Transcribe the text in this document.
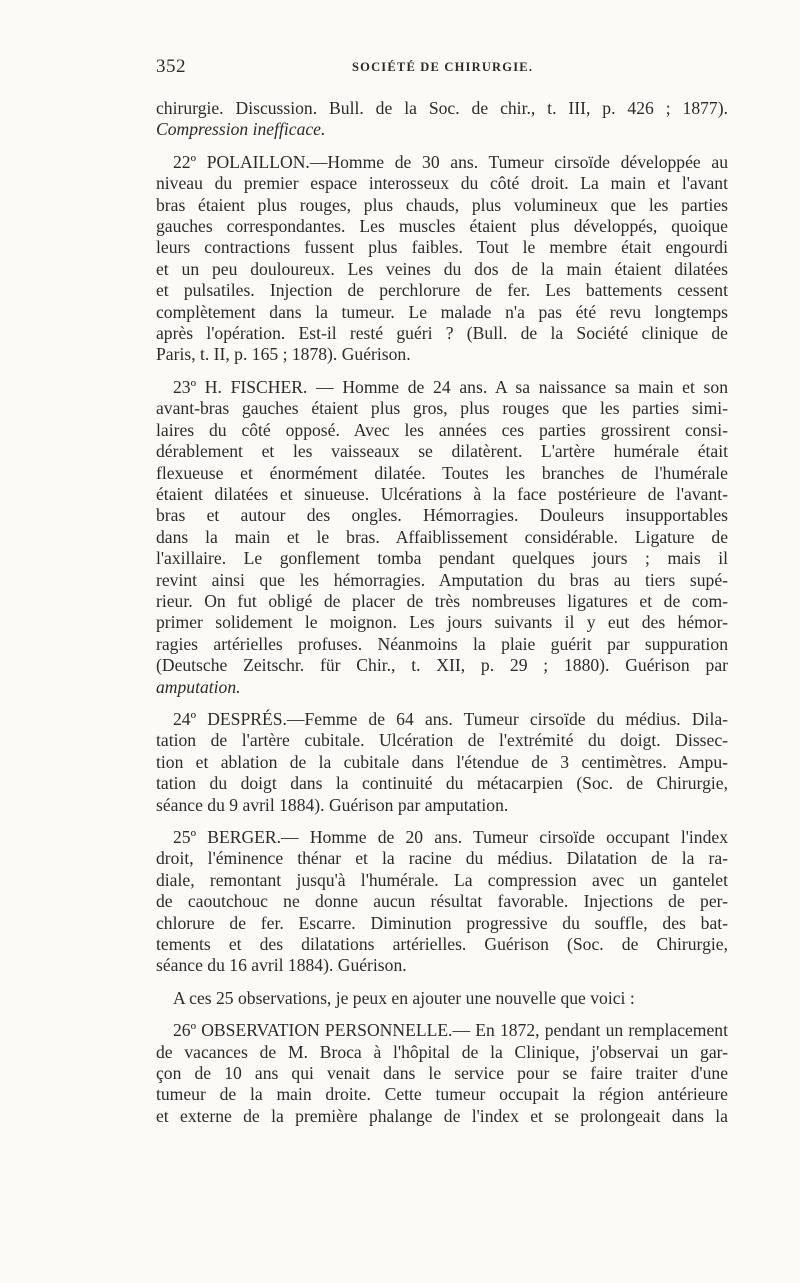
352	SOCIÉTÉ DE CHIRURGIE.
chirurgie. Discussion. Bull. de la Soc. de chir., t. III, p. 426 ; 1877).
Compression inefficace.
22º POLAILLON.—Homme de 30 ans. Tumeur cirsoïde développée au
niveau du premier espace interosseux du côté droit. La main et l'avant
bras étaient plus rouges, plus chauds, plus volumineux que les parties
gauches correspondantes. Les muscles étaient plus développés, quoique
leurs contractions fussent plus faibles. Tout le membre était engourdi
et un peu douloureux. Les veines du dos de la main étaient dilatées
et pulsatiles. Injection de perchlorure de fer. Les battements cessent
complètement dans la tumeur. Le malade n'a pas été revu longtemps
après l'opération. Est-il resté guéri ? (Bull. de la Société clinique de
Paris, t. II, p. 165 ; 1878). Guérison.
23º H. FISCHER. — Homme de 24 ans. A sa naissance sa main et son
avant-bras gauches étaient plus gros, plus rouges que les parties simi-
laires du côté opposé. Avec les années ces parties grossirent consi-
dérablement et les vaisseaux se dilatèrent. L'artère humérale était
flexueuse et énormément dilatée. Toutes les branches de l'humérale
étaient dilatées et sinueuse. Ulcérations à la face postérieure de l'avant-
bras et autour des ongles. Hémorragies. Douleurs insupportables
dans la main et le bras. Affaiblissement considérable. Ligature de
l'axillaire. Le gonflement tomba pendant quelques jours ; mais il
revint ainsi que les hémorragies. Amputation du bras au tiers supé-
rieur. On fut obligé de placer de très nombreuses ligatures et de com-
primer solidement le moignon. Les jours suivants il y eut des hémor-
ragies artérielles profuses. Néanmoins la plaie guérit par suppuration
(Deutsche Zeitschr. für Chir., t. XII, p. 29 ; 1880). Guérison par
amputation.
24º DESPRÉS.—Femme de 64 ans. Tumeur cirsoïde du médius. Dila-
tation de l'artère cubitale. Ulcération de l'extrémité du doigt. Dissec-
tion et ablation de la cubitale dans l'étendue de 3 centimètres. Ampu-
tation du doigt dans la continuité du métacarpien (Soc. de Chirurgie,
séance du 9 avril 1884). Guérison par amputation.
25º BERGER.— Homme de 20 ans. Tumeur cirsoïde occupant l'index
droit, l'éminence thénar et la racine du médius. Dilatation de la ra-
diale, remontant jusqu'à l'humérale. La compression avec un gantelet
de caoutchouc ne donne aucun résultat favorable. Injections de per-
chlorure de fer. Escarre. Diminution progressive du souffle, des bat-
tements et des dilatations artérielles. Guérison (Soc. de Chirurgie,
séance du 16 avril 1884). Guérison.
A ces 25 observations, je peux en ajouter une nouvelle que voici :
26º OBSERVATION PERSONNELLE.— En 1872, pendant un remplacement
de vacances de M. Broca à l'hôpital de la Clinique, j'observai un gar-
çon de 10 ans qui venait dans le service pour se faire traiter d'une
tumeur de la main droite. Cette tumeur occupait la région antérieure
et externe de la première phalange de l'index et se prolongeait dans la
